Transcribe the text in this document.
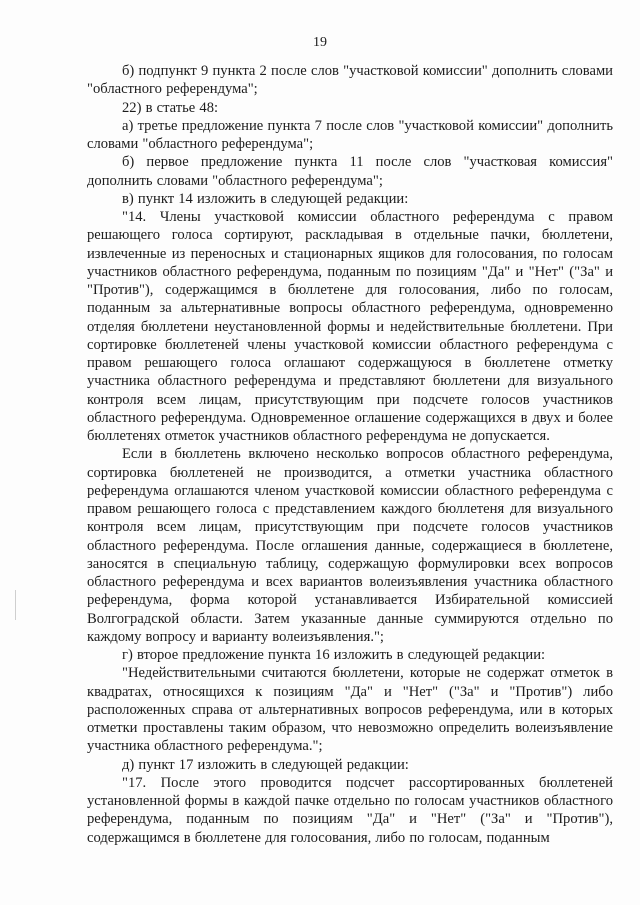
19

б) подпункт 9 пункта 2 после слов "участковой комиссии" дополнить словами "областного референдума";

22) в статье 48:

а) третье предложение пункта 7 после слов "участковой комиссии" дополнить словами "областного референдума";

б) первое предложение пункта 11 после слов "участковая комиссия" дополнить словами "областного референдума";

в) пункт 14 изложить в следующей редакции:

"14. Члены участковой комиссии областного референдума с правом решающего голоса сортируют, раскладывая в отдельные пачки, бюллетени, извлеченные из переносных и стационарных ящиков для голосования, по голосам участников областного референдума, поданным по позициям "Да" и "Нет" ("За" и "Против"), содержащимся в бюллетене для голосования, либо по голосам, поданным за альтернативные вопросы областного референдума, одновременно отделяя бюллетени неустановленной формы и недействительные бюллетени. При сортировке бюллетеней члены участковой комиссии областного референдума с правом решающего голоса оглашают содержащуюся в бюллетене отметку участника областного референдума и представляют бюллетени для визуального контроля всем лицам, присутствующим при подсчете голосов участников областного референдума. Одновременное оглашение содержащихся в двух и более бюллетенях отметок участников областного референдума не допускается.

Если в бюллетень включено несколько вопросов областного референдума, сортировка бюллетеней не производится, а отметки участника областного референдума оглашаются членом участковой комиссии областного референдума с правом решающего голоса с представлением каждого бюллетеня для визуального контроля всем лицам, присутствующим при подсчете голосов участников областного референдума. После оглашения данные, содержащиеся в бюллетене, заносятся в специальную таблицу, содержащую формулировки всех вопросов областного референдума и всех вариантов волеизъявления участника областного референдума, форма которой устанавливается Избирательной комиссией Волгоградской области. Затем указанные данные суммируются отдельно по каждому вопросу и варианту волеизъявления.";

г) второе предложение пункта 16 изложить в следующей редакции:

"Недействительными считаются бюллетени, которые не содержат отметок в квадратах, относящихся к позициям "Да" и "Нет" ("За" и "Против") либо расположенных справа от альтернативных вопросов референдума, или в которых отметки проставлены таким образом, что невозможно определить волеизъявление участника областного референдума.";

д) пункт 17 изложить в следующей редакции:

"17. После этого проводится подсчет рассортированных бюллетеней установленной формы в каждой пачке отдельно по голосам участников областного референдума, поданным по позициям "Да" и "Нет" ("За" и "Против"), содержащимся в бюллетене для голосования, либо по голосам, поданным
